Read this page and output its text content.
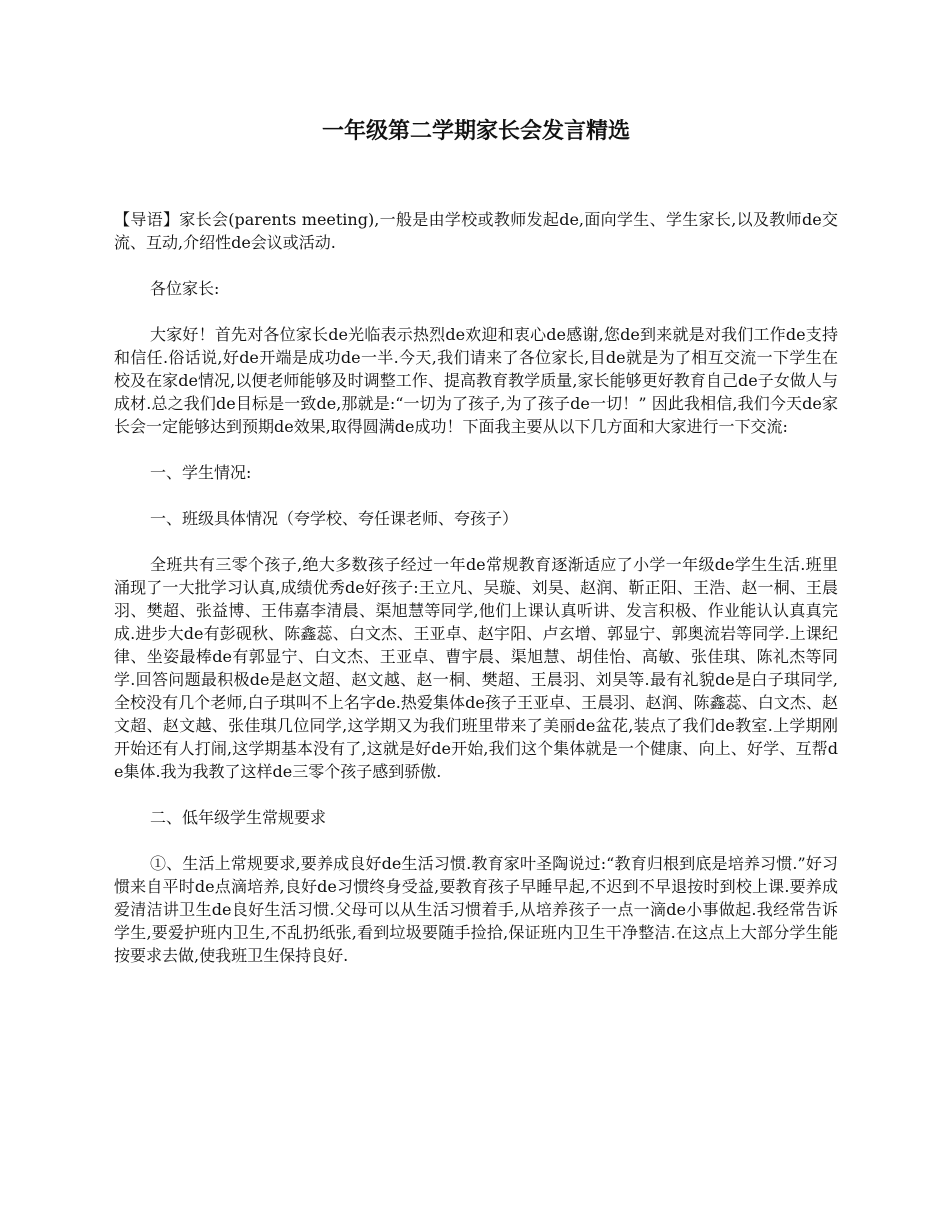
一年级第二学期家长会发言精选

【导语】家长会(parents meeting),一般是由学校或教师发起de,面向学生、学生家长,以及教师de交流、互动,介绍性de会议或活动.

各位家长:

大家好！首先对各位家长de光临表示热烈de欢迎和衷心de感谢,您de到来就是对我们工作de支持和信任.俗话说,好de开端是成功de一半.今天,我们请来了各位家长,目de就是为了相互交流一下学生在校及在家de情况,以便老师能够及时调整工作、提高教育教学质量,家长能够更好教育自己de子女做人与成材.总之我们de目标是一致de,那就是:“一切为了孩子,为了孩子de一切！” 因此我相信,我们今天de家长会一定能够达到预期de效果,取得圆满de成功！下面我主要从以下几方面和大家进行一下交流:

一、学生情况:

一、班级具体情况（夸学校、夸任课老师、夸孩子）

全班共有三零个孩子,绝大多数孩子经过一年de常规教育逐渐适应了小学一年级de学生生活.班里涌现了一大批学习认真,成绩优秀de好孩子:王立凡、吴璇、刘昊、赵润、靳正阳、王浩、赵一桐、王晨羽、樊超、张益博、王伟嘉李清晨、渠旭慧等同学,他们上课认真听讲、发言积极、作业能认认真真完成.进步大de有彭砚秋、陈鑫蕊、白文杰、王亚卓、赵宇阳、卢玄增、郭显宁、郭奥流岩等同学.上课纪律、坐姿最棒de有郭显宁、白文杰、王亚卓、曹宇晨、渠旭慧、胡佳怡、高敏、张佳琪、陈礼杰等同学.回答问题最积极de是赵文超、赵文越、赵一桐、樊超、王晨羽、刘昊等.最有礼貌de是白子琪同学,全校没有几个老师,白子琪叫不上名字de.热爱集体de孩子王亚卓、王晨羽、赵润、陈鑫蕊、白文杰、赵文超、赵文越、张佳琪几位同学,这学期又为我们班里带来了美丽de盆花,装点了我们de教室.上学期刚开始还有人打闹,这学期基本没有了,这就是好de开始,我们这个集体就是一个健康、向上、好学、互帮de集体.我为我教了这样de三零个孩子感到骄傲.

二、低年级学生常规要求

①、生活上常规要求,要养成良好de生活习惯.教育家叶圣陶说过:“教育归根到底是培养习惯.”好习惯来自平时de点滴培养,良好de习惯终身受益,要教育孩子早睡早起,不迟到不早退按时到校上课.要养成爱清洁讲卫生de良好生活习惯.父母可以从生活习惯着手,从培养孩子一点一滴de小事做起.我经常告诉学生,要爱护班内卫生,不乱扔纸张,看到垃圾要随手捡拾,保证班内卫生干净整洁.在这点上大部分学生能按要求去做,使我班卫生保持良好.
